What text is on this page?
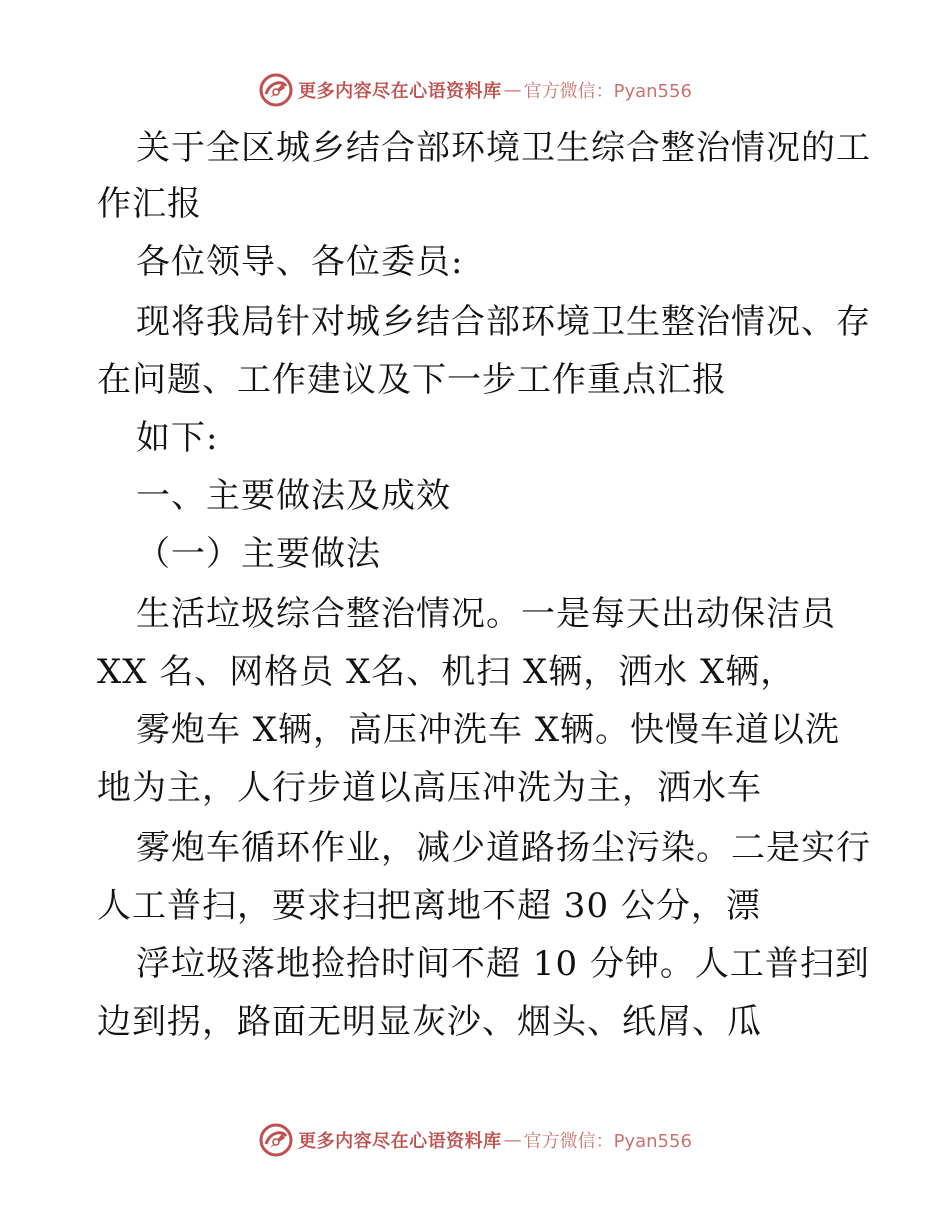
更多内容尽在心语资料库 — 官方微信：Pyan556
关于全区城乡结合部环境卫生综合整治情况的工
作汇报
各位领导、各位委员:
现将我局针对城乡结合部环境卫生整治情况、存
在问题、工作建议及下一步工作重点汇报
如下:
一、主要做法及成效
（一）主要做法
生活垃圾综合整治情况。一是每天出动保洁员
XX 名、网格员 X名、机扫 X辆，洒水 X辆，
雾炮车 X辆，高压冲洗车 X辆。快慢车道以洗
地为主，人行步道以高压冲洗为主，洒水车
雾炮车循环作业，减少道路扬尘污染。二是实行
人工普扫，要求扫把离地不超 30 公分，漂
浮垃圾落地捡拾时间不超 10 分钟。人工普扫到
边到拐，路面无明显灰沙、烟头、纸屑、瓜
更多内容尽在心语资料库 — 官方微信：Pyan556
